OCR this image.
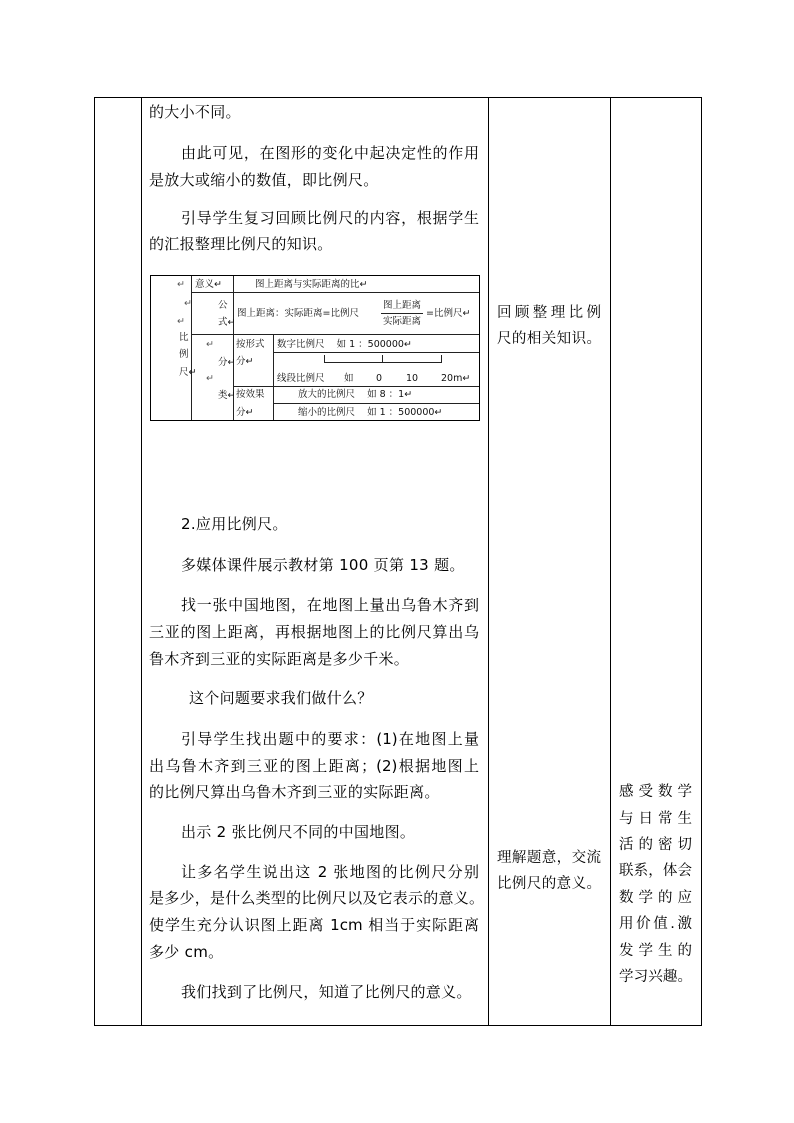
的大小不同。
由此可见，在图形的变化中起决定性的作用
是放大或缩小的数值，即比例尺。
引导学生复习回顾比例尺的内容，根据学生
的汇报整理比例尺的知识。
↵
↵
↵
比
例
尺↵
意义↵	图上距离与实际距离的比↵
公
式↵
图上距离：实际距离=比例尺
图上距离
实际距离
=比例尺↵
↵
分↵
↵
类↵
按形式
分↵
数字比例尺    如 1 ：500000↵
线段比例尺 如 0	10 20m↵
按效果
分↵
放大的比例尺    如 8 ：1↵
缩小的比例尺    如 1 ：500000↵
2.应用比例尺。
多媒体课件展示教材第 100 页第 13 题。
找一张中国地图，在地图上量出乌鲁木齐到
三亚的图上距离，再根据地图上的比例尺算出乌
鲁木齐到三亚的实际距离是多少千米。
这个问题要求我们做什么？
引导学生找出题中的要求：(1)在地图上量
出乌鲁木齐到三亚的图上距离；(2)根据地图上
的比例尺算出乌鲁木齐到三亚的实际距离。
出示 2 张比例尺不同的中国地图。
让多名学生说出这 2 张地图的比例尺分别
是多少，是什么类型的比例尺以及它表示的意义。
使学生充分认识图上距离 1cm 相当于实际距离
多少 cm。
我们找到了比例尺，知道了比例尺的意义。
回顾整理比例
尺的相关知识。
理解题意，交流
比例尺的意义。
感受数学
与日常生
活的密切
联系，体会
数学的应
用价值.激
发学生的
学习兴趣。
